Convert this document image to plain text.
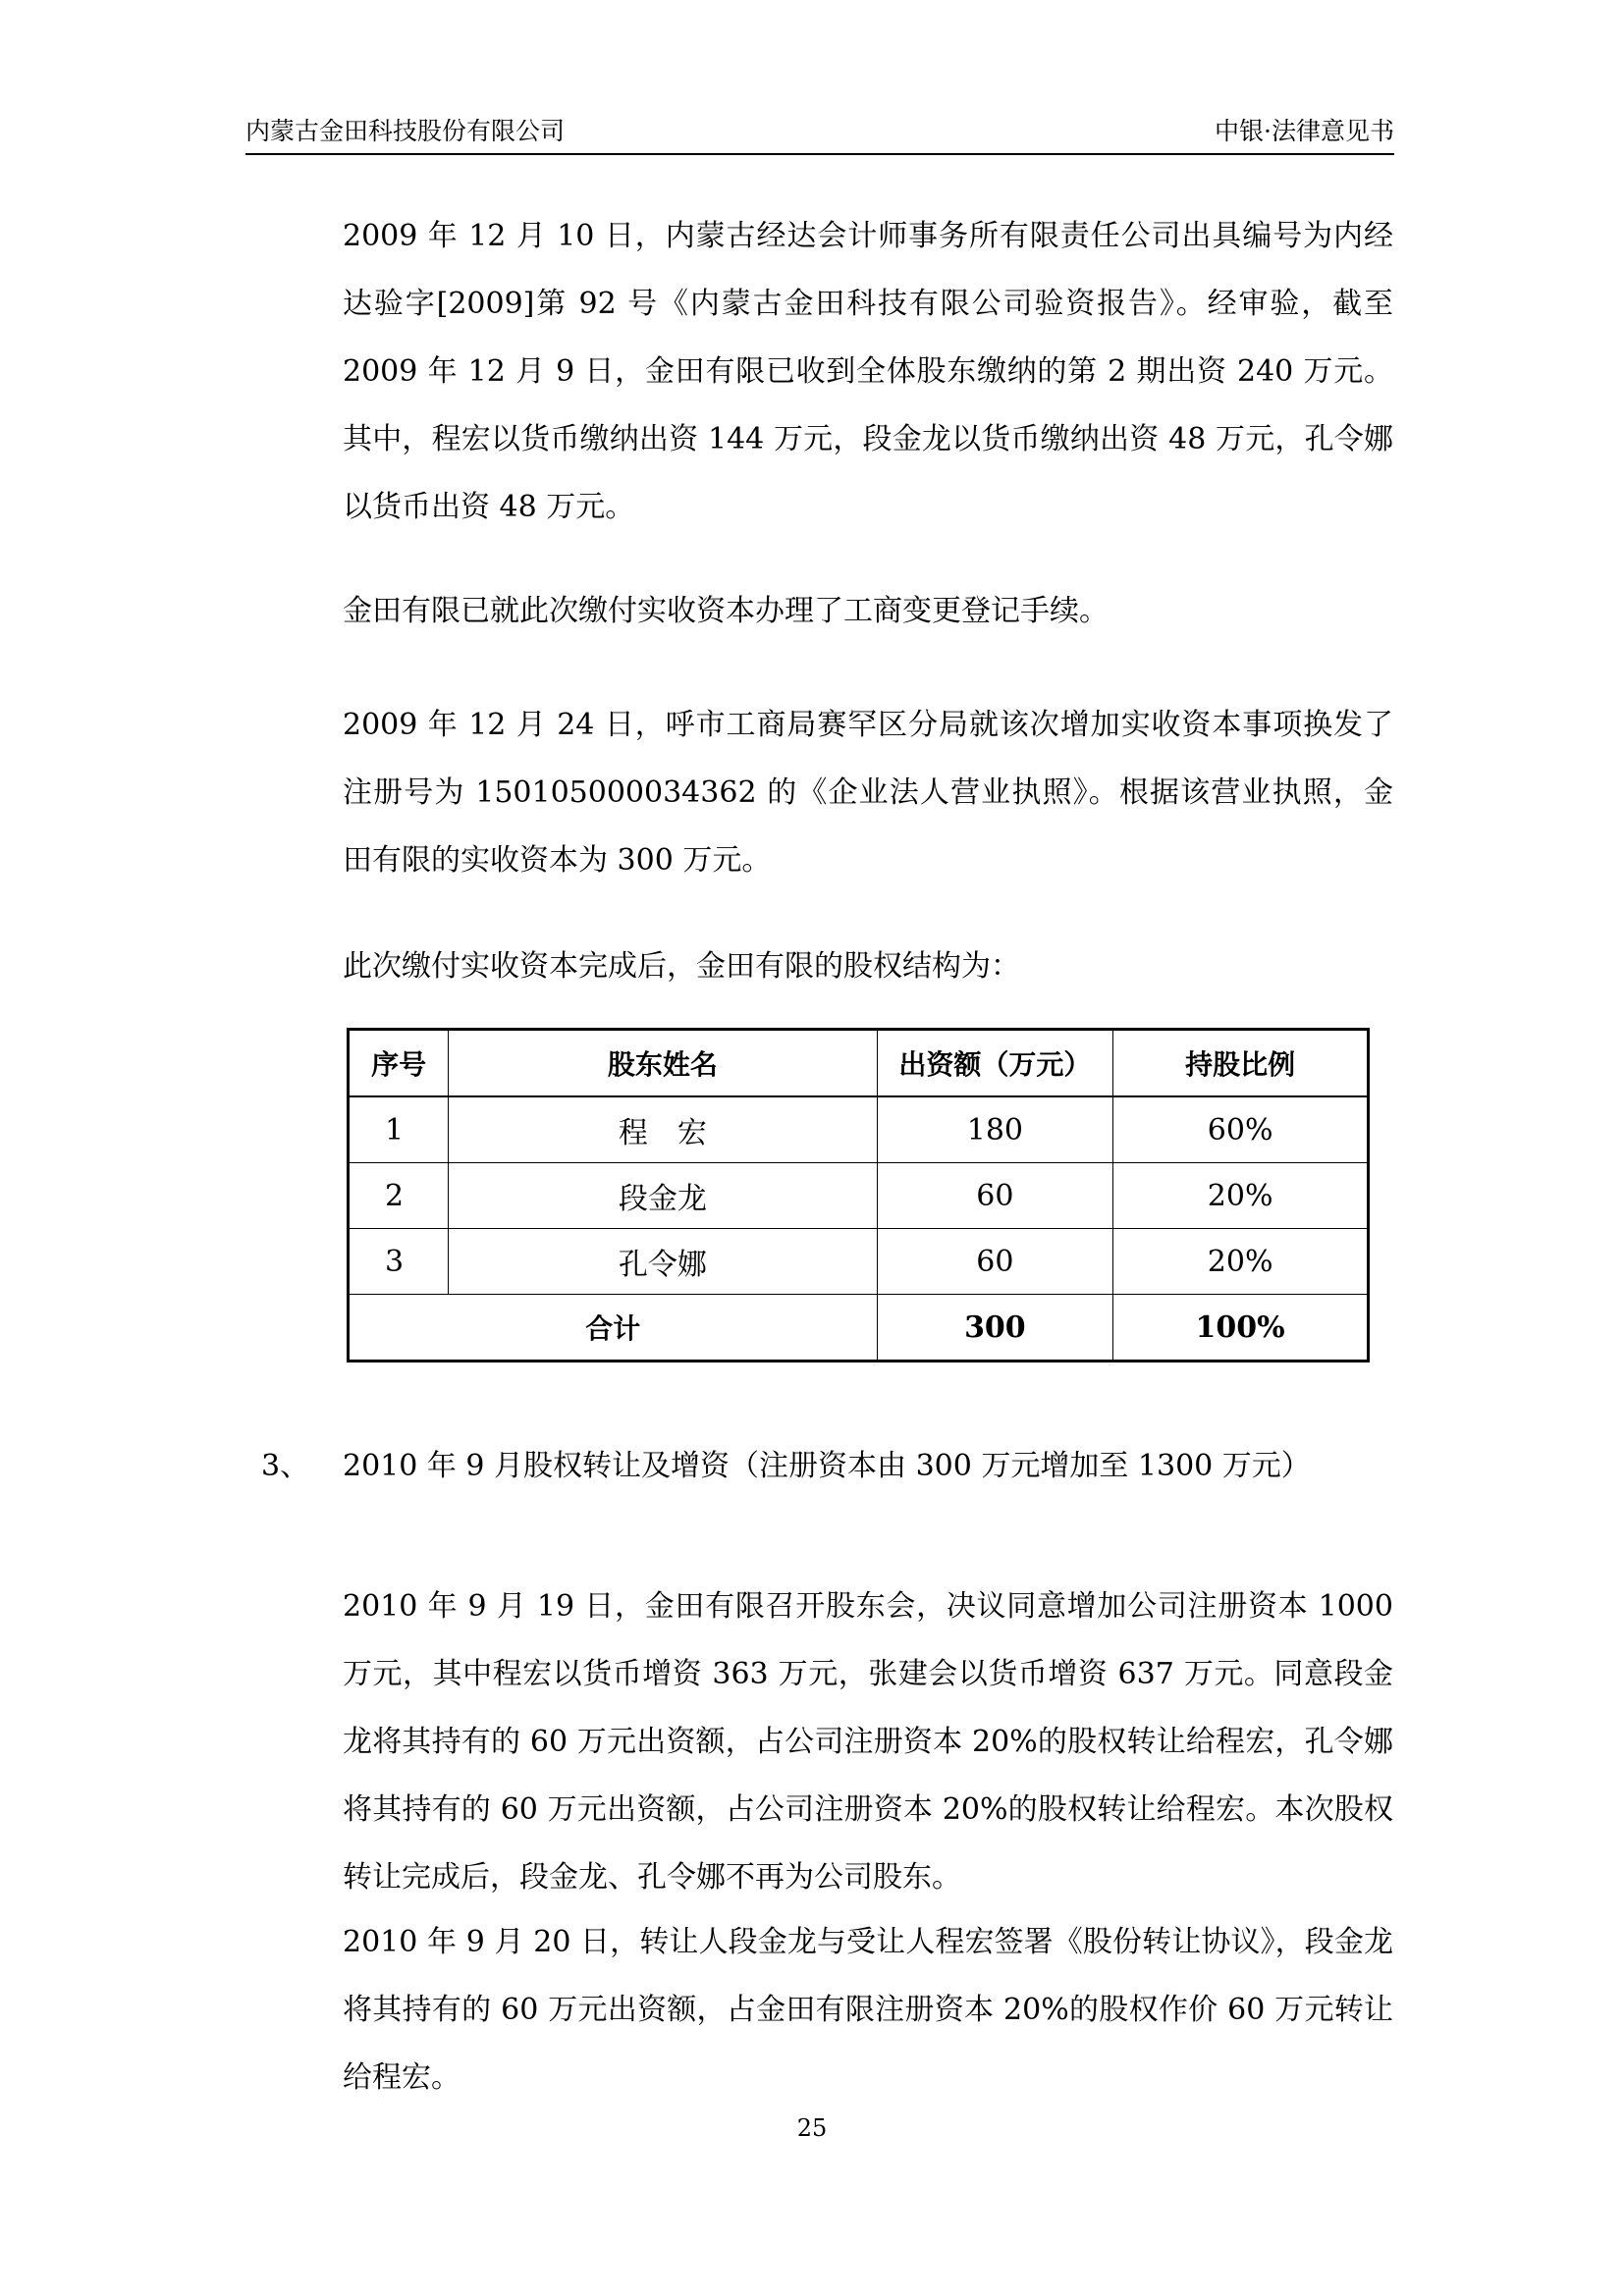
内蒙古金田科技股份有限公司	中银·法律意见书

2009 年 12 月 10 日，内蒙古经达会计师事务所有限责任公司出具编号为内经达验字[2009]第 92 号《内蒙古金田科技有限公司验资报告》。经审验，截至 2009 年 12 月 9 日，金田有限已收到全体股东缴纳的第 2 期出资 240 万元。其中，程宏以货币缴纳出资 144 万元，段金龙以货币缴纳出资 48 万元，孔令娜以货币出资 48 万元。

金田有限已就此次缴付实收资本办理了工商变更登记手续。

2009 年 12 月 24 日，呼市工商局赛罕区分局就该次增加实收资本事项换发了注册号为 150105000034362 的《企业法人营业执照》。根据该营业执照，金田有限的实收资本为 300 万元。

此次缴付实收资本完成后，金田有限的股权结构为：

序号	股东姓名	出资额（万元）	持股比例
1	程　宏	180	60%
2	段金龙	60	20%
3	孔令娜	60	20%
合计		300	100%
3、 2010 年 9 月股权转让及增资（注册资本由 300 万元增加至 1300 万元）

2010 年 9 月 19 日，金田有限召开股东会，决议同意增加公司注册资本 1000 万元，其中程宏以货币增资 363 万元，张建会以货币增资 637 万元。同意段金龙将其持有的 60 万元出资额，占公司注册资本 20%的股权转让给程宏，孔令娜将其持有的 60 万元出资额，占公司注册资本 20%的股权转让给程宏。本次股权转让完成后，段金龙、孔令娜不再为公司股东。

2010 年 9 月 20 日，转让人段金龙与受让人程宏签署《股份转让协议》，段金龙将其持有的 60 万元出资额，占金田有限注册资本 20%的股权作价 60 万元转让给程宏。

25
